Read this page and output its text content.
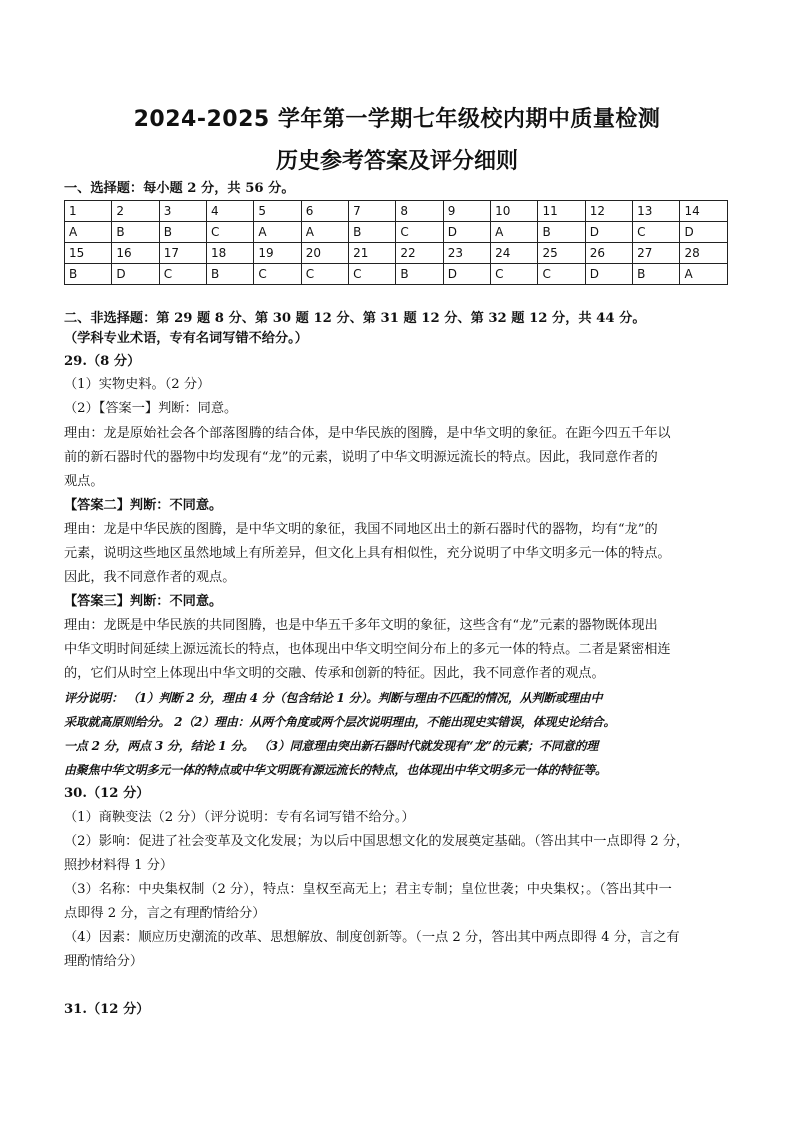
2024-2025 学年第一学期七年级校内期中质量检测
历史参考答案及评分细则
一、选择题：每小题 2 分，共 56 分。
1	2	3	4	5	6	7	8	9	10	11	12	13	14
A	B	B	C	A	A	B	C	D	A	B	D	C	D
15	16	17	18	19	20	21	22	23	24	25	26	27	28
B	D	C	B	C	C	C	B	D	C	C	D	B	A
二、非选择题：第 29 题 8 分、第 30 题 12 分、第 31 题 12 分、第 32 题 12 分，共 44 分。
（学科专业术语，专有名词写错不给分。）
29.（8 分）
（1）实物史料。（2 分）
（2）【答案一】判断：同意。
理由：龙是原始社会各个部落图腾的结合体，是中华民族的图腾，是中华文明的象征。在距今四五千年以
前的新石器时代的器物中均发现有“龙”的元素，说明了中华文明源远流长的特点。因此，我同意作者的
观点。
【答案二】判断：不同意。
理由：龙是中华民族的图腾，是中华文明的象征，我国不同地区出土的新石器时代的器物，均有“龙”的
元素，说明这些地区虽然地域上有所差异，但文化上具有相似性，充分说明了中华文明多元一体的特点。
因此，我不同意作者的观点。
【答案三】判断：不同意。
理由：龙既是中华民族的共同图腾，也是中华五千多年文明的象征，这些含有“龙”元素的器物既体现出
中华文明时间延续上源远流长的特点，也体现出中华文明空间分布上的多元一体的特点。二者是紧密相连
的，它们从时空上体现出中华文明的交融、传承和创新的特征。因此，我不同意作者的观点。
评分说明： （1）判断 2 分，理由 4 分（包含结论 1 分）。判断与理由不匹配的情况，从判断或理由中
采取就高原则给分。 2（2）理由：从两个角度或两个层次说明理由，不能出现史实错误，体现史论结合。
一点 2 分，两点 3 分，结论 1 分。 （3）同意理由突出新石器时代就发现有“龙”的元素；不同意的理
由聚焦中华文明多元一体的特点或中华文明既有源远流长的特点，也体现出中华文明多元一体的特征等。
30.（12 分）
（1）商鞅变法（2 分）（评分说明：专有名词写错不给分。）
（2）影响：促进了社会变革及文化发展；为以后中国思想文化的发展奠定基础。（答出其中一点即得 2 分，
照抄材料得 1 分）
（3）名称：中央集权制（2 分），特点：皇权至高无上；君主专制；皇位世袭；中央集权；。（答出其中一
点即得 2 分，言之有理酌情给分）
（4）因素：顺应历史潮流的改革、思想解放、制度创新等。（一点 2 分，答出其中两点即得 4 分，言之有
理酌情给分）
31.（12 分）
